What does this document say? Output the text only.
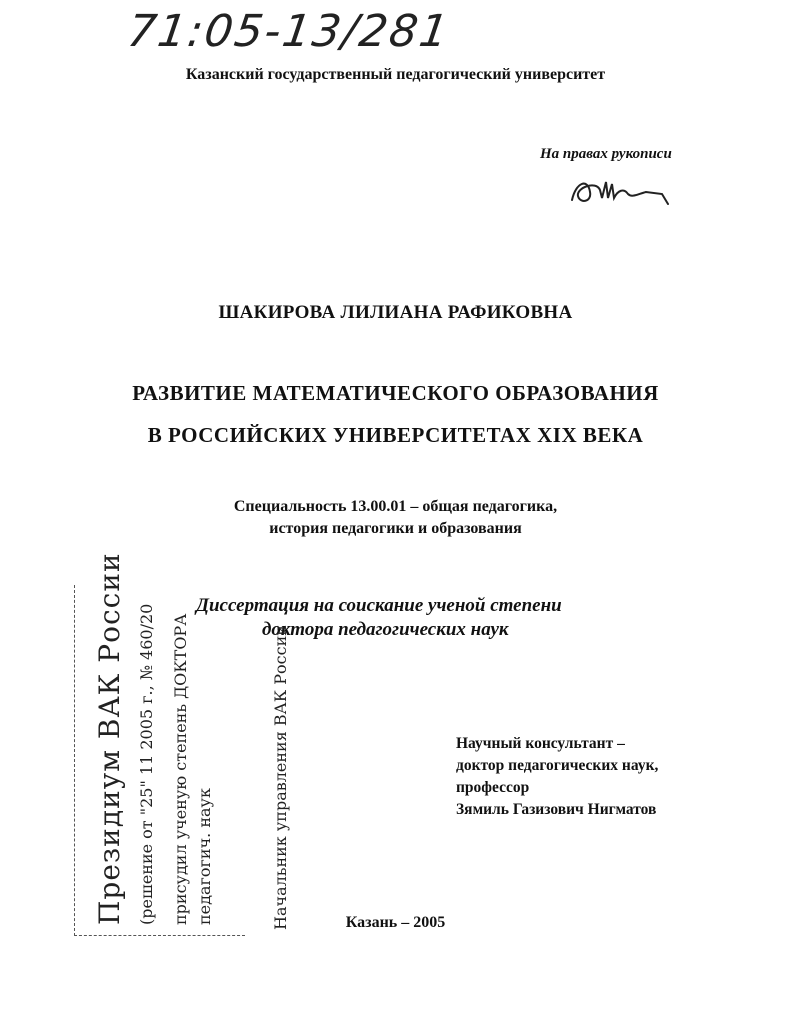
71:05-13/281
Казанский государственный педагогический университет
На правах рукописи
ШАКИРОВА ЛИЛИАНА РАФИКОВНА
РАЗВИТИЕ МАТЕМАТИЧЕСКОГО ОБРАЗОВАНИЯ
В РОССИЙСКИХ УНИВЕРСИТЕТАХ XIX ВЕКА
Специальность 13.00.01 – общая педагогика,
история педагогики и образования
Диссертация на соискание ученой степени
доктора педагогических наук
Президиум ВАК России (решение от "25" 11 2005 г., № 460/20 присудил ученую степень ДОКТОРА педагогич. наук	Начальник управления ВАК России	Научный консультант –
доктор педагогических наук,
профессор
Зямиль Газизович Нигматов
Казань – 2005
